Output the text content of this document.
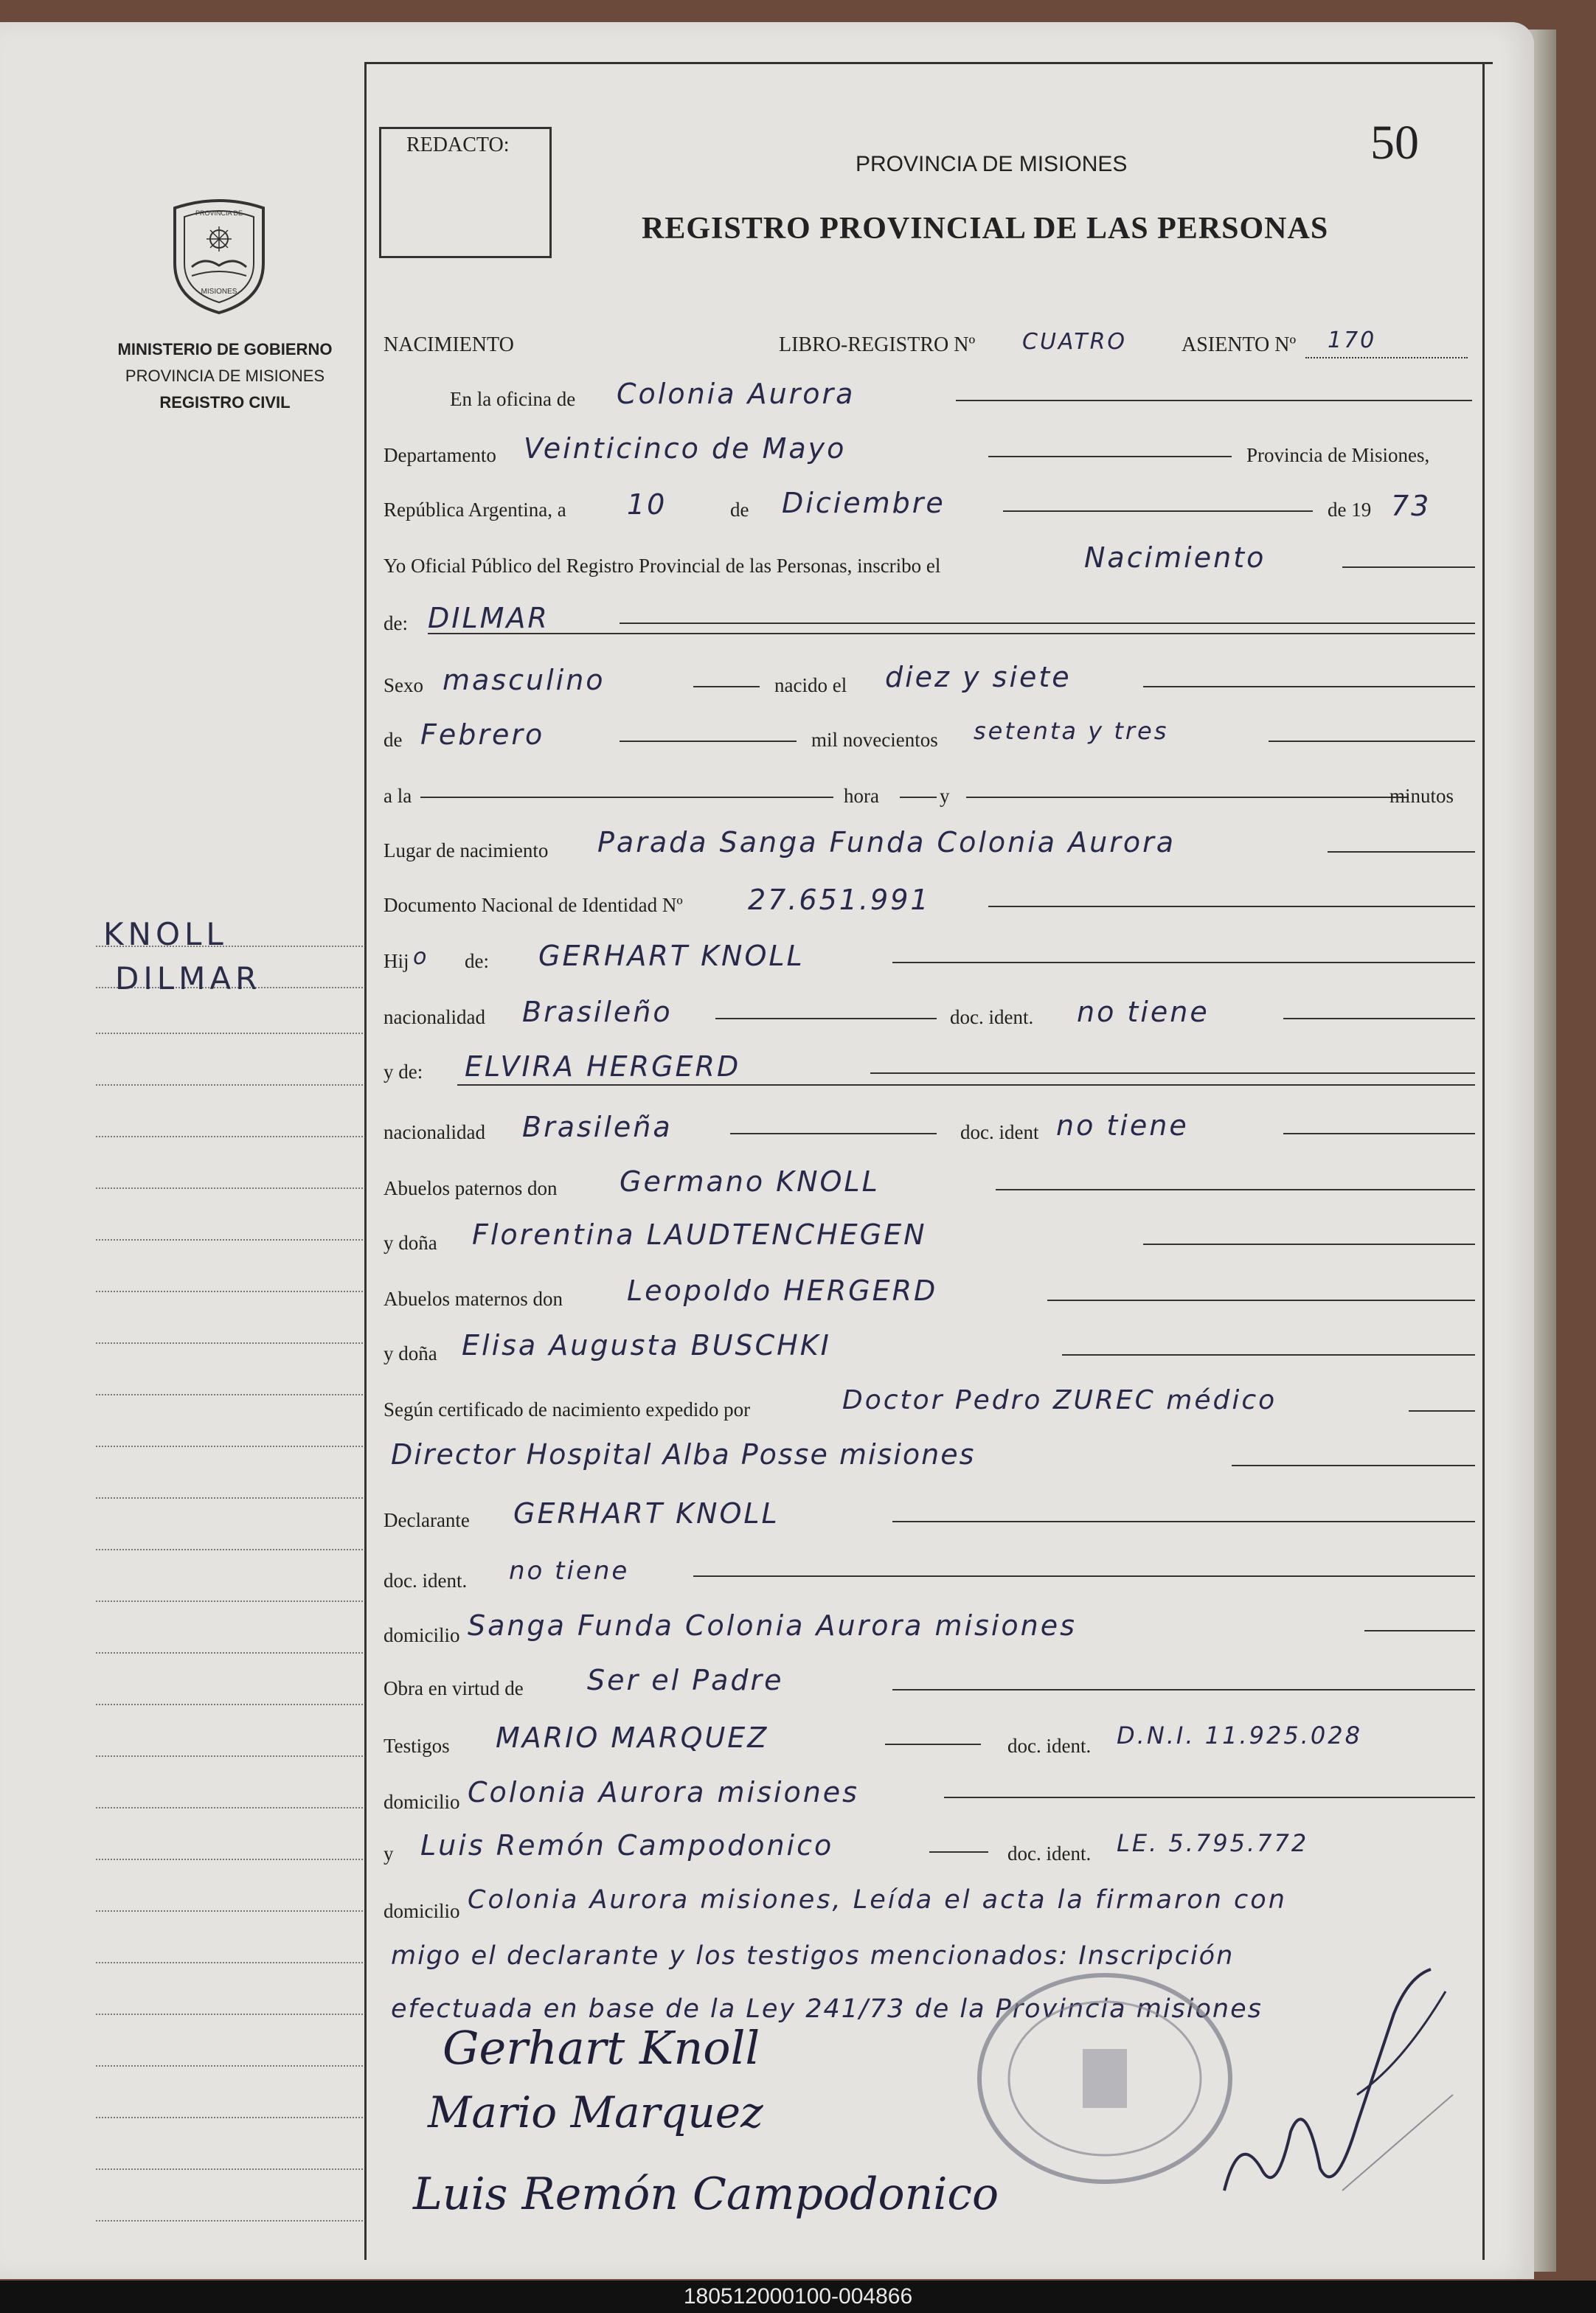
REDACTO:	50
PROVINCIA DE MISIONES
REGISTRO PROVINCIAL DE LAS PERSONAS
PROVINCIA DE
MISIONES
MINISTERIO DE GOBIERNO
PROVINCIA DE MISIONES
REGISTRO CIVIL
KNOLL
DILMAR
NACIMIENTO	LIBRO-REGISTRO Nº CUATRO	ASIENTO Nº 170
En la oficina de Colonia Aurora
Departamento Veinticinco de Mayo	Provincia de Misiones,
República Argentina, a 10	de Diciembre	de 19 73
Yo Oficial Público del Registro Provincial de las Personas, inscribo el	Nacimiento
de: DILMAR
Sexo masculino	nacido el diez y siete
de Febrero	mil novecientos setenta y tres
a la	hora	y	minutos
Lugar de nacimiento Parada Sanga Funda Colonia Aurora
Documento Nacional de Identidad Nº 27.651.991
Hij o de: GERHART KNOLL
nacionalidad Brasileño	doc. ident. no tiene
y de: ELVIRA HERGERD
nacionalidad Brasileña	doc. ident no tiene
Abuelos paternos don Germano KNOLL
y doña Florentina LAUDTENCHEGEN
Abuelos maternos don Leopoldo HERGERD
y doña Elisa Augusta BUSCHKI
Según certificado de nacimiento expedido por	Doctor Pedro ZUREC médico
Director Hospital Alba Posse misiones
Declarante GERHART KNOLL
doc. ident. no tiene
domicilio Sanga Funda Colonia Aurora misiones
Obra en virtud de Ser el Padre
Testigos MARIO MARQUEZ	doc. ident. D.N.I. 11.925.028
domicilio Colonia Aurora misiones
y Luis Remón Campodonico	doc. ident. LE. 5.795.772
domicilio Colonia Aurora misiones, Leída el acta la firmaron con
migo el declarante y los testigos mencionados: Inscripción
efectuada en base de la Ley 241/73 de la Provincia misiones
Gerhart Knoll
Mario Marquez
Luis Remón Campodonico
180512000100-004866
